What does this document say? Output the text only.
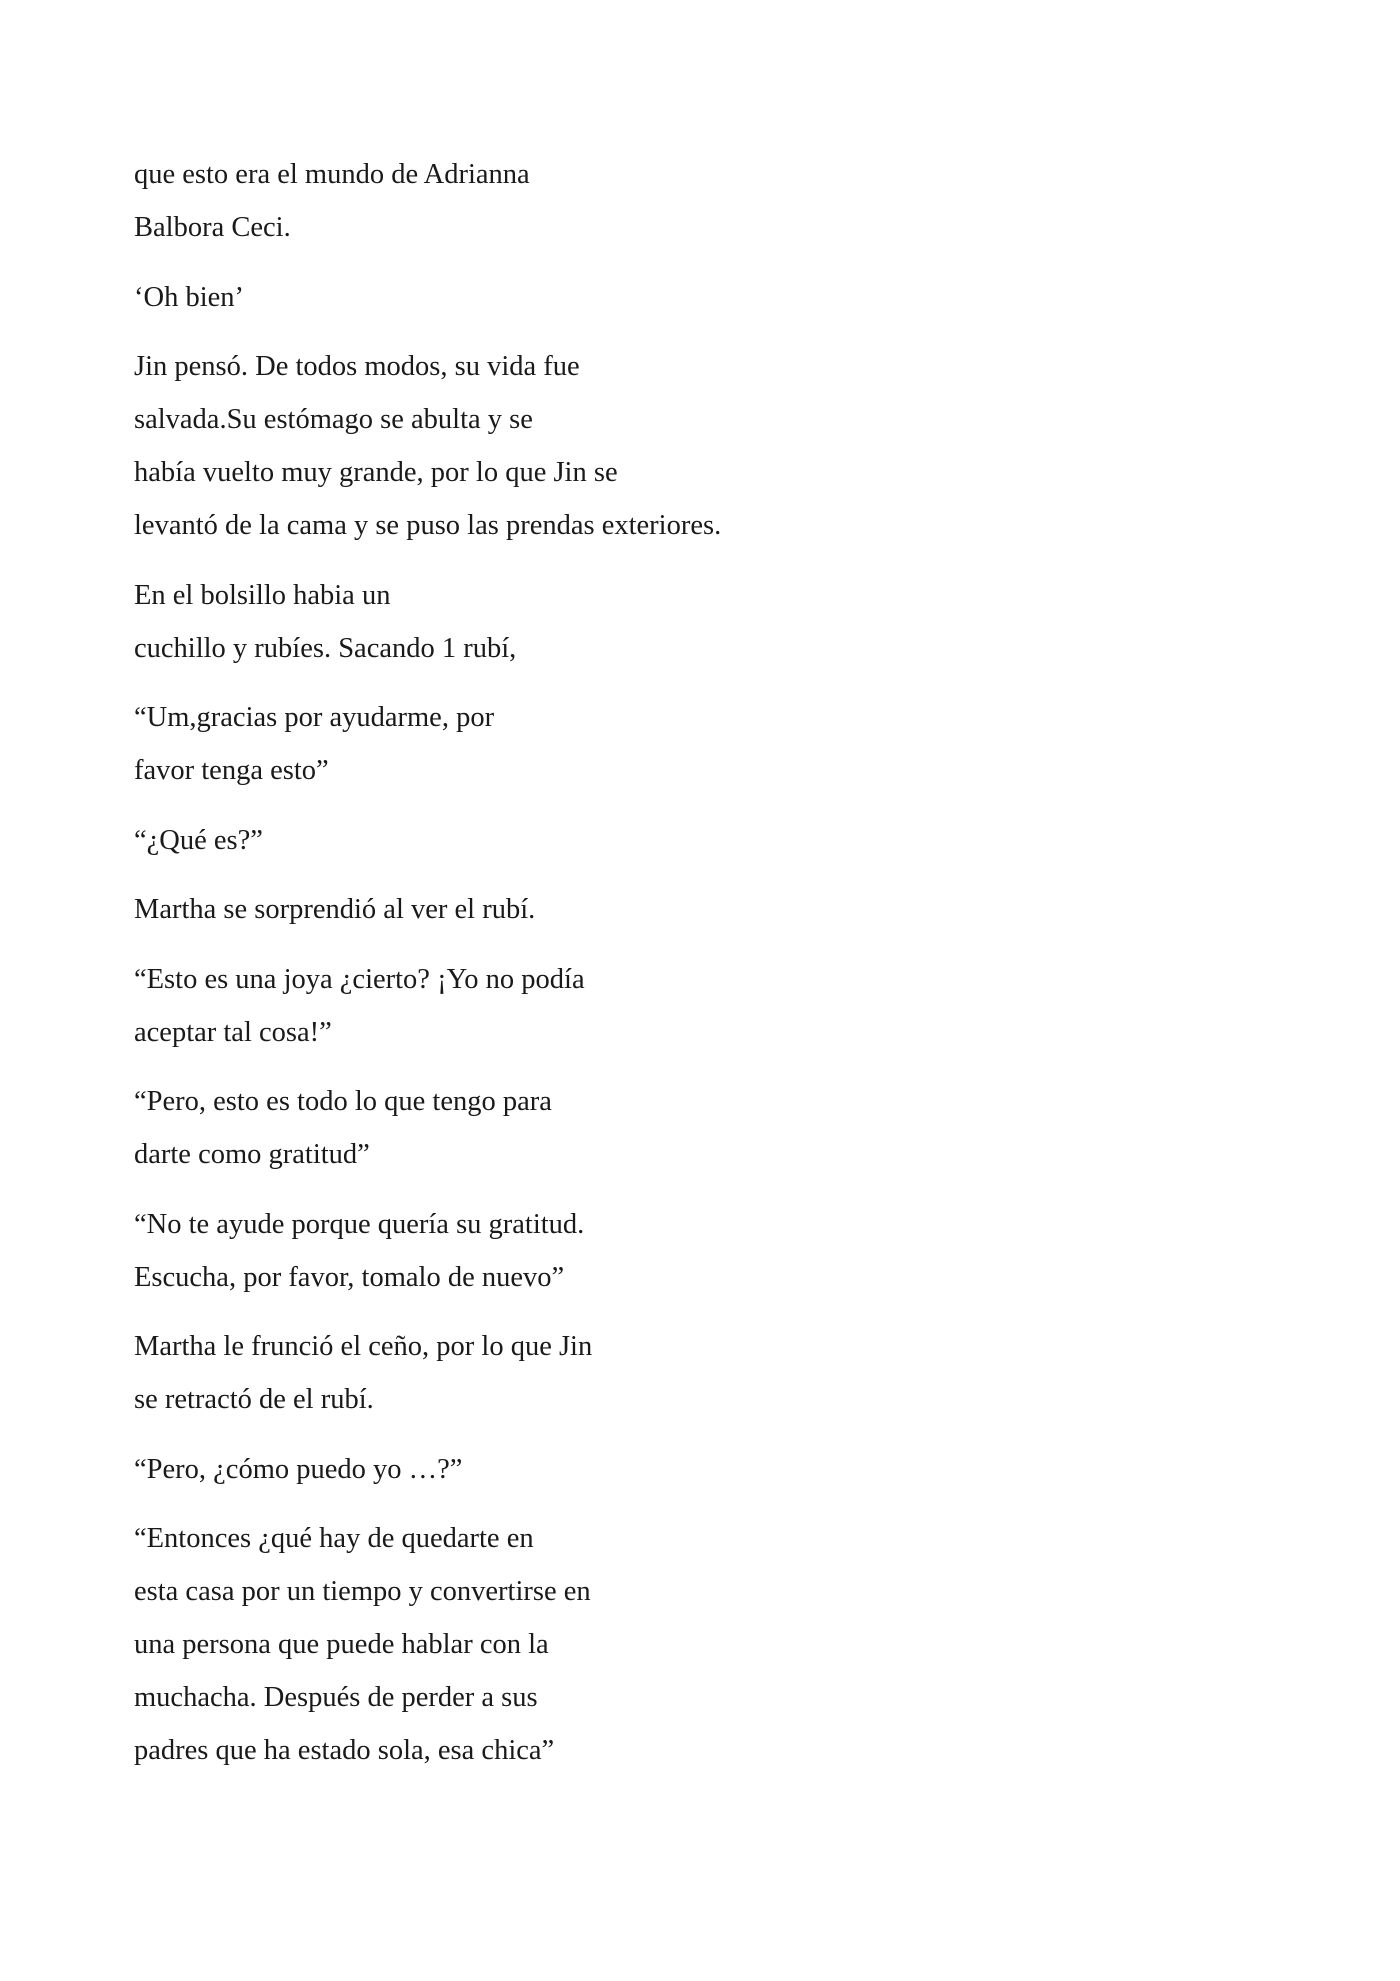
que esto era el mundo de Adrianna
Balbora Ceci.

‘Oh bien’

Jin pensó. De todos modos, su vida fue
salvada.Su estómago se abulta y se
había vuelto muy grande, por lo que Jin se
levantó de la cama y se puso las prendas exteriores.

En el bolsillo habia un
cuchillo y rubíes. Sacando 1 rubí,

“Um,gracias por ayudarme, por
favor tenga esto”

“¿Qué es?”

Martha se sorprendió al ver el rubí.

“Esto es una joya ¿cierto? ¡Yo no podía
aceptar tal cosa!”

“Pero, esto es todo lo que tengo para
darte como gratitud”

“No te ayude porque quería su gratitud.
Escucha, por favor, tomalo de nuevo”

Martha le frunció el ceño, por lo que Jin
se retractó de el rubí.

“Pero, ¿cómo puedo yo …?”

“Entonces ¿qué hay de quedarte en
esta casa por un tiempo y convertirse en
una persona que puede hablar con la
muchacha. Después de perder a sus
padres que ha estado sola, esa chica”
